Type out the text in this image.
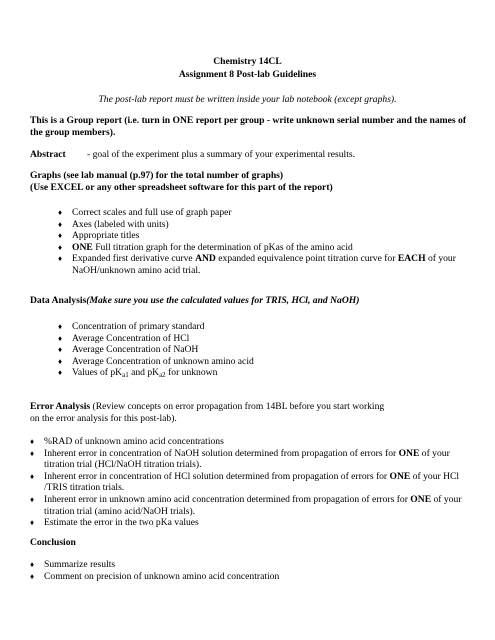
Chemistry 14CL
Assignment 8 Post-lab Guidelines
The post-lab report must be written inside your lab notebook (except graphs).
This is a Group report (i.e. turn in ONE report per group - write unknown serial number and the names of the group members).
Abstract - goal of the experiment plus a summary of your experimental results.
Graphs (see lab manual (p.97) for the total number of graphs)
(Use EXCEL or any other spreadsheet software for this part of the report)
♦ Correct scales and full use of graph paper
♦ Axes (labeled with units)
♦ Appropriate titles
♦ ONE Full titration graph for the determination of pKas of the amino acid
♦ Expanded first derivative curve AND expanded equivalence point titration curve for EACH of your NaOH/unknown amino acid trial.
Data Analysis(Make sure you use the calculated values for TRIS, HCl, and NaOH)
♦ Concentration of primary standard
♦ Average Concentration of HCl
♦ Average Concentration of NaOH
♦ Average Concentration of unknown amino acid
♦ Values of $pK_{a1}$ and $pK_{a2}$ for unknown
Error Analysis (Review concepts on error propagation from 14BL before you start working
on the error analysis for this post-lab).
♦ %RAD of unknown amino acid concentrations
♦ Inherent error in concentration of NaOH solution determined from propagation of errors for ONE of your titration trial (HCl/NaOH titration trials).
♦ Inherent error in concentration of HCl solution determined from propagation of errors for ONE of your HCl /TRIS titration trials.
♦ Inherent error in unknown amino acid concentration determined from propagation of errors for ONE of your titration trial (amino acid/NaOH trials).
♦ Estimate the error in the two pKa values
Conclusion
♦ Summarize results
♦ Comment on precision of unknown amino acid concentration
